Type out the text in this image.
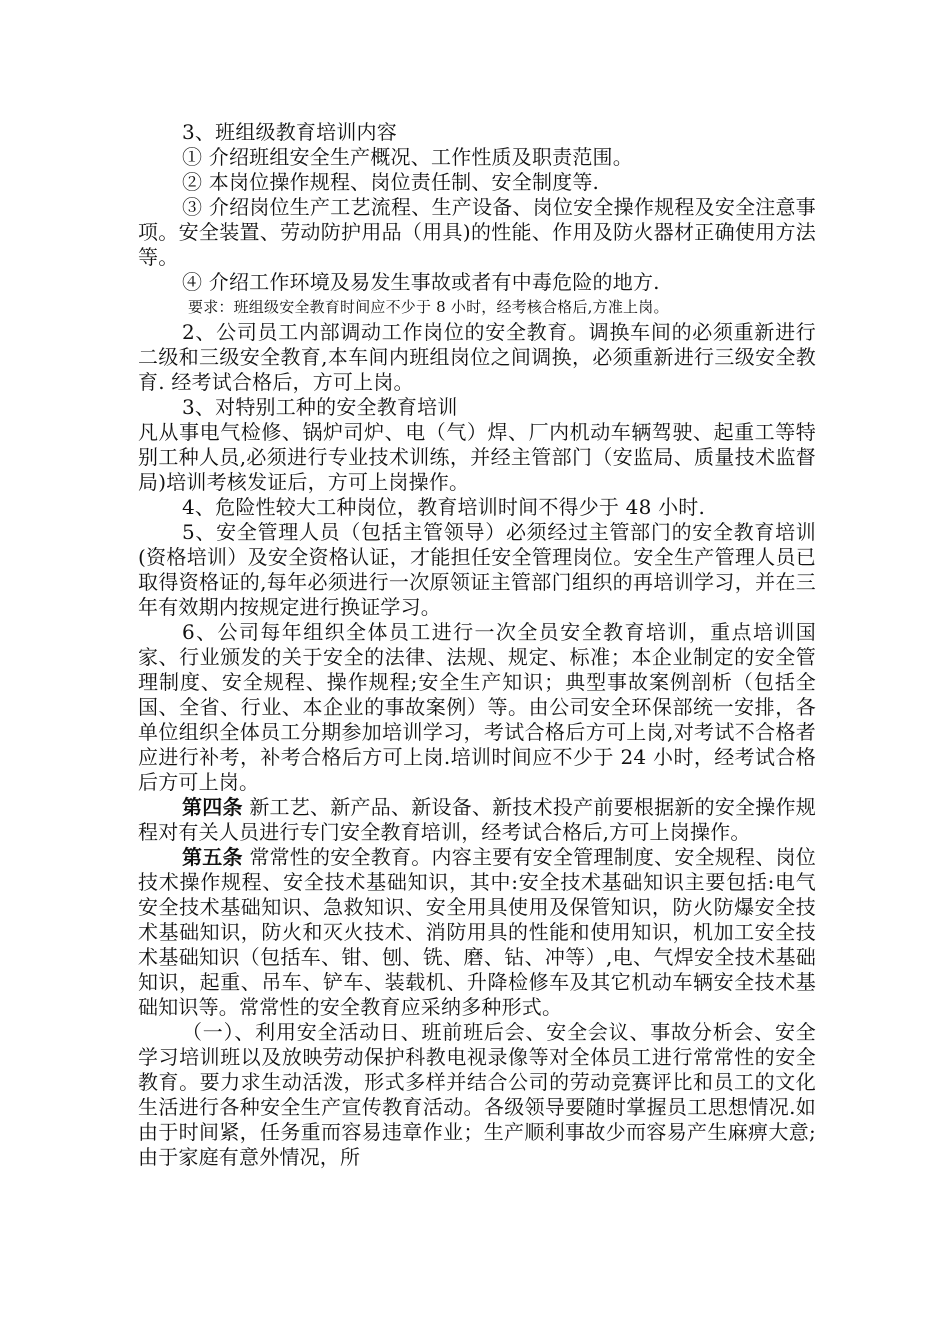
3、班组级教育培训内容

① 介绍班组安全生产概况、工作性质及职责范围。

② 本岗位操作规程、岗位责任制、安全制度等.

③ 介绍岗位生产工艺流程、生产设备、岗位安全操作规程及安全注意事项。安全装置、劳动防护用品（用具)的性能、作用及防火器材正确使用方法等。

④ 介绍工作环境及易发生事故或者有中毒危险的地方.

要求：班组级安全教育时间应不少于 8 小时，经考核合格后,方准上岗。

2、公司员工内部调动工作岗位的安全教育。调换车间的必须重新进行二级和三级安全教育,本车间内班组岗位之间调换，必须重新进行三级安全教育. 经考试合格后，方可上岗。

3、对特别工种的安全教育培训

凡从事电气检修、锅炉司炉、电（气）焊、厂内机动车辆驾驶、起重工等特别工种人员,必须进行专业技术训练，并经主管部门（安监局、质量技术监督局)培训考核发证后，方可上岗操作。

4、危险性较大工种岗位，教育培训时间不得少于 48 小时.

5、安全管理人员（包括主管领导）必须经过主管部门的安全教育培训(资格培训）及安全资格认证，才能担任安全管理岗位。安全生产管理人员已取得资格证的,每年必须进行一次原领证主管部门组织的再培训学习，并在三年有效期内按规定进行换证学习。

6、公司每年组织全体员工进行一次全员安全教育培训，重点培训国家、行业颁发的关于安全的法律、法规、规定、标准；本企业制定的安全管理制度、安全规程、操作规程;安全生产知识；典型事故案例剖析（包括全国、全省、行业、本企业的事故案例）等。由公司安全环保部统一安排，各单位组织全体员工分期参加培训学习，考试合格后方可上岗,对考试不合格者应进行补考，补考合格后方可上岗.培训时间应不少于 24 小时，经考试合格后方可上岗。

第四条 新工艺、新产品、新设备、新技术投产前要根据新的安全操作规程对有关人员进行专门安全教育培训，经考试合格后,方可上岗操作。

第五条 常常性的安全教育。内容主要有安全管理制度、安全规程、岗位技术操作规程、安全技术基础知识，其中:安全技术基础知识主要包括:电气安全技术基础知识、急救知识、安全用具使用及保管知识，防火防爆安全技术基础知识，防火和灭火技术、消防用具的性能和使用知识，机加工安全技术基础知识（包括车、钳、刨、铣、磨、钻、冲等）,电、气焊安全技术基础知识，起重、吊车、铲车、装载机、升降检修车及其它机动车辆安全技术基础知识等。常常性的安全教育应采纳多种形式。

（一）、利用安全活动日、班前班后会、安全会议、事故分析会、安全学习培训班以及放映劳动保护科教电视录像等对全体员工进行常常性的安全教育。要力求生动活泼，形式多样并结合公司的劳动竞赛评比和员工的文化生活进行各种安全生产宣传教育活动。各级领导要随时掌握员工思想情况.如由于时间紧，任务重而容易违章作业；生产顺利事故少而容易产生麻痹大意;由于家庭有意外情况，所
